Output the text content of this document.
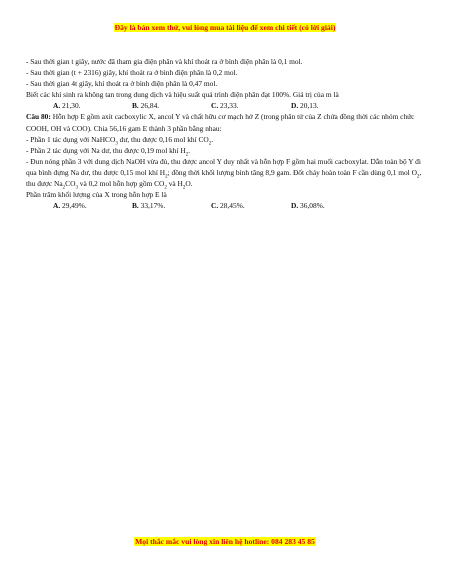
Đây là bản xem thử, vui lòng mua tài liệu để xem chi tiết (có lời giải)
- Sau thời gian t giây, nước đã tham gia điện phân và khí thoát ra ở bình điện phân là 0,1 mol.
- Sau thời gian (t + 2316) giây, khí thoát ra ở bình điện phân là 0,2 mol.
- Sau thời gian 4t giây, khí thoát ra ở bình điện phân là 0,47 mol.
Biết các khí sinh ra không tan trong dung dịch và hiệu suất quá trình điện phân đạt 100%. Giá trị của m là
A. 21,30.	B. 26,84.	C. 23,33.	D. 20,13.
Câu 80: Hỗn hợp E gồm axit cacboxylic X, ancol Y và chất hữu cơ mạch hở Z (trong phân tử của Z chứa đồng thời các nhóm chức COOH, OH và COO). Chia 56,16 gam E thành 3 phần bằng nhau:
- Phần 1 tác dụng với NaHCO$_3$ dư, thu được 0,16 mol khí $CO_2$.
- Phần 2 tác dụng với Na dư, thu được 0,19 mol khí $H_2$.
- Đun nóng phần 3 với dung dịch NaOH vừa đủ, thu được ancol Y duy nhất và hỗn hợp F gồm hai muối cacboxylat. Dẫn toàn bộ Y đi qua bình đựng Na dư, thu được 0,15 mol khí $H_2$; đồng thời khối lượng bình tăng 8,9 gam. Đốt cháy hoàn toàn F cần dùng 0,1 mol $O_2$, thu được $Na_2CO_3$ và 0,2 mol hỗn hợp gồm $CO_2$ và $H_2O$.
Phần trăm khối lượng của X trong hỗn hợp E là
A. 29,49%.	B. 33,17%.	C. 28,45%.	D. 36,08%.
Mọi thắc mắc vui lòng xin liên hệ hotline: 084 283 45 85
